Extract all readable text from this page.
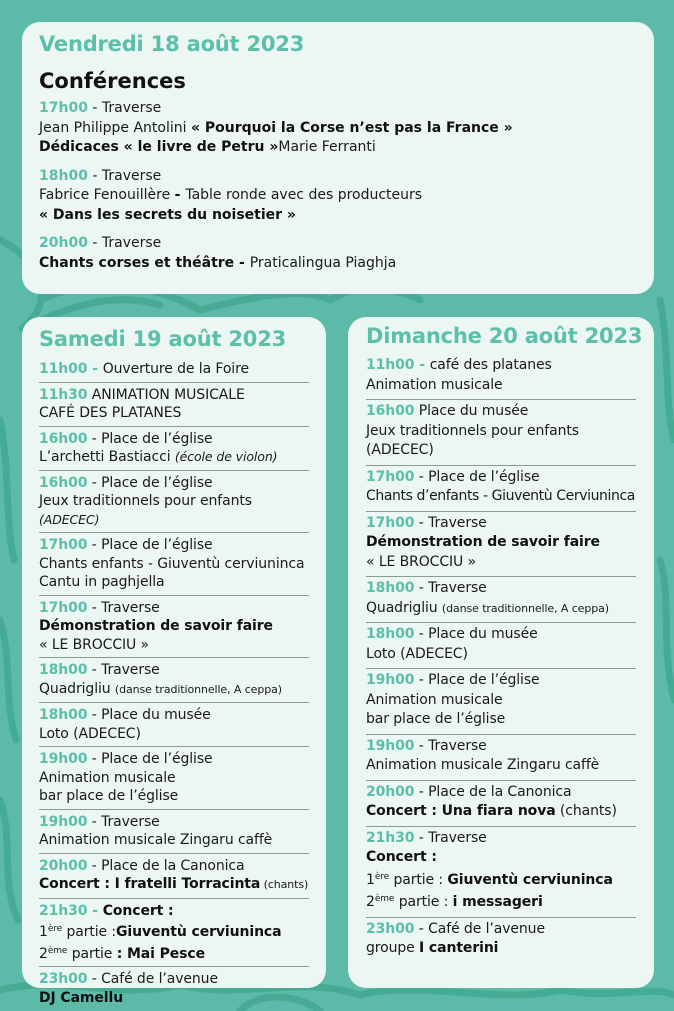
Vendredi 18 août 2023
Conférences
17h00 - Traverse
Jean Philippe Antolini « Pourquoi la Corse n’est pas la France »
Dédicaces « le livre de Petru »Marie Ferranti
18h00 - Traverse
Fabrice Fenouillère - Table ronde avec des producteurs
« Dans les secrets du noisetier »
20h00 - Traverse
Chants corses et théâtre - Praticalingua Piaghja
Samedi 19 août 2023
11h00 - Ouverture de la Foire
11h30 ANIMATION MUSICALE
CAFÉ DES PLATANES
16h00 - Place de l’église
L’archetti Bastiacci (école de violon)
16h00 - Place de l’église
Jeux traditionnels pour enfants
(ADECEC)
17h00 - Place de l’église
Chants enfants - Giuventù cerviuninca
Cantu in paghjella
17h00 - Traverse
Démonstration de savoir faire
« LE BROCCIU »
18h00 - Traverse
Quadrigliu (danse traditionnelle, A ceppa)
18h00 - Place du musée
Loto (ADECEC)
19h00 - Place de l’église
Animation musicale
bar place de l’église
19h00 - Traverse
Animation musicale Zingaru caffè
20h00 - Place de la Canonica
Concert : I fratelli Torracinta (chants)
21h30 - Concert :
1ère partie :Giuventù cerviuninca
2ème partie : Mai Pesce
23h00 - Café de l’avenue
DJ Camellu
Dimanche 20 août 2023
11h00 - café des platanes
Animation musicale
16h00 Place du musée
Jeux traditionnels pour enfants
(ADECEC)
17h00 - Place de l’église
Chants d’enfants - Giuventù Cerviuninca
17h00 - Traverse
Démonstration de savoir faire
« LE BROCCIU »
18h00 - Traverse
Quadrigliu (danse traditionnelle, A ceppa)
18h00 - Place du musée
Loto (ADECEC)
19h00 - Place de l’église
Animation musicale
bar place de l’église
19h00 - Traverse
Animation musicale Zingaru caffè
20h00 - Place de la Canonica
Concert : Una fiara nova (chants)
21h30 - Traverse
Concert :
1ère partie : Giuventù cerviuninca
2ème partie : i messageri
23h00 - Café de l’avenue
groupe I canterini
